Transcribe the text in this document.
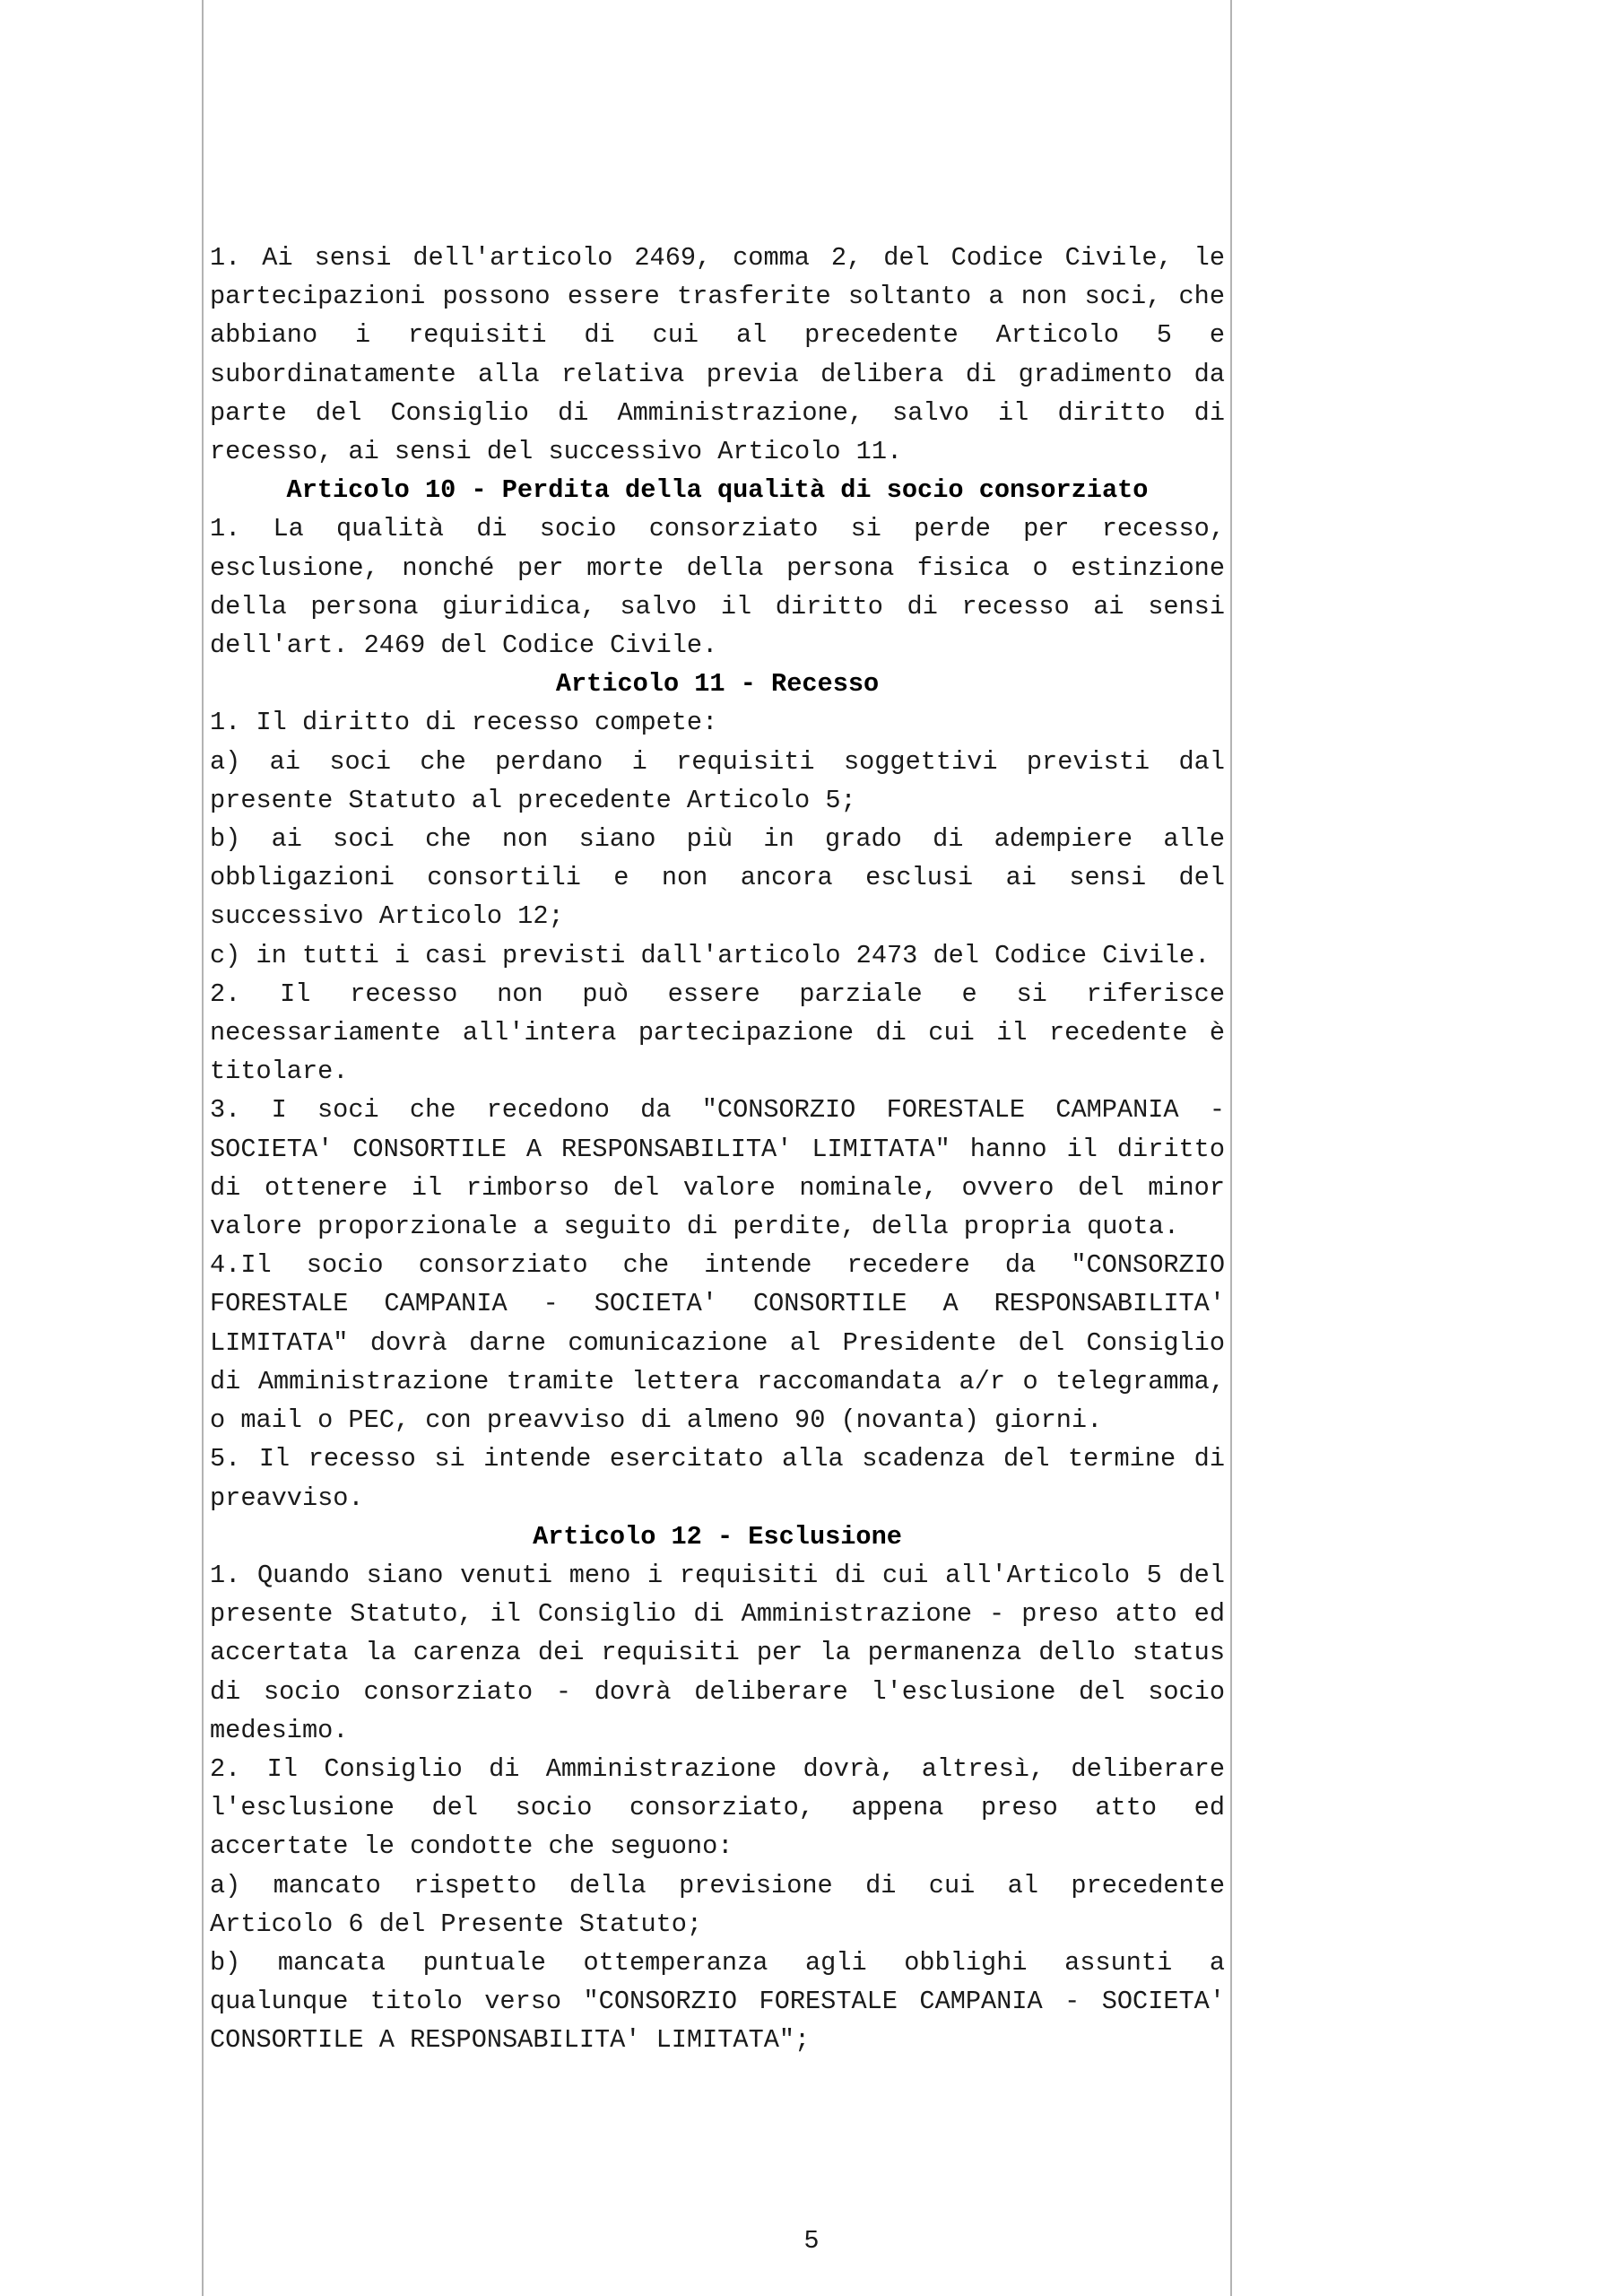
1. Ai sensi dell'articolo 2469, comma 2, del Codice Civile, le partecipazioni possono essere trasferite soltanto a non soci, che abbiano i requisiti di cui al precedente Articolo 5 e subordinatamente alla relativa previa delibera di gradimento da parte del Consiglio di Amministrazione, salvo il diritto di recesso, ai sensi del successivo Articolo 11.

Articolo 10 - Perdita della qualità di socio consorziato

1. La qualità di socio consorziato si perde per recesso, esclusione, nonché per morte della persona fisica o estinzione della persona giuridica, salvo il diritto di recesso ai sensi dell'art. 2469 del Codice Civile.

Articolo 11 - Recesso

1. Il diritto di recesso compete:

a) ai soci che perdano i requisiti soggettivi previsti dal presente Statuto al precedente Articolo 5;

b) ai soci che non siano più in grado di adempiere alle obbligazioni consortili e non ancora esclusi ai sensi del successivo Articolo 12;

c) in tutti i casi previsti dall'articolo 2473 del Codice Civile.

2. Il recesso non può essere parziale e si riferisce necessariamente all'intera partecipazione di cui il recedente è titolare.

3. I soci che recedono da "CONSORZIO FORESTALE CAMPANIA - SOCIETA' CONSORTILE A RESPONSABILITA' LIMITATA" hanno il diritto di ottenere il rimborso del valore nominale, ovvero del minor valore proporzionale a seguito di perdite, della propria quota.

4.Il socio consorziato che intende recedere da "CONSORZIO FORESTALE CAMPANIA - SOCIETA' CONSORTILE A RESPONSABILITA' LIMITATA" dovrà darne comunicazione al Presidente del Consiglio di Amministrazione tramite lettera raccomandata a/r o telegramma, o mail o PEC, con preavviso di almeno 90 (novanta) giorni.

5. Il recesso si intende esercitato alla scadenza del termine di preavviso.

Articolo 12 - Esclusione

1. Quando siano venuti meno i requisiti di cui all'Articolo 5 del presente Statuto, il Consiglio di Amministrazione - preso atto ed accertata la carenza dei requisiti per la permanenza dello status di socio consorziato - dovrà deliberare l'esclusione del socio medesimo.

2. Il Consiglio di Amministrazione dovrà, altresì, deliberare l'esclusione del socio consorziato, appena preso atto ed accertate le condotte che seguono:

a) mancato rispetto della previsione di cui al precedente Articolo 6 del Presente Statuto;

b) mancata puntuale ottemperanza agli obblighi assunti a qualunque titolo verso "CONSORZIO FORESTALE CAMPANIA - SOCIETA' CONSORTILE A RESPONSABILITA' LIMITATA";

5
